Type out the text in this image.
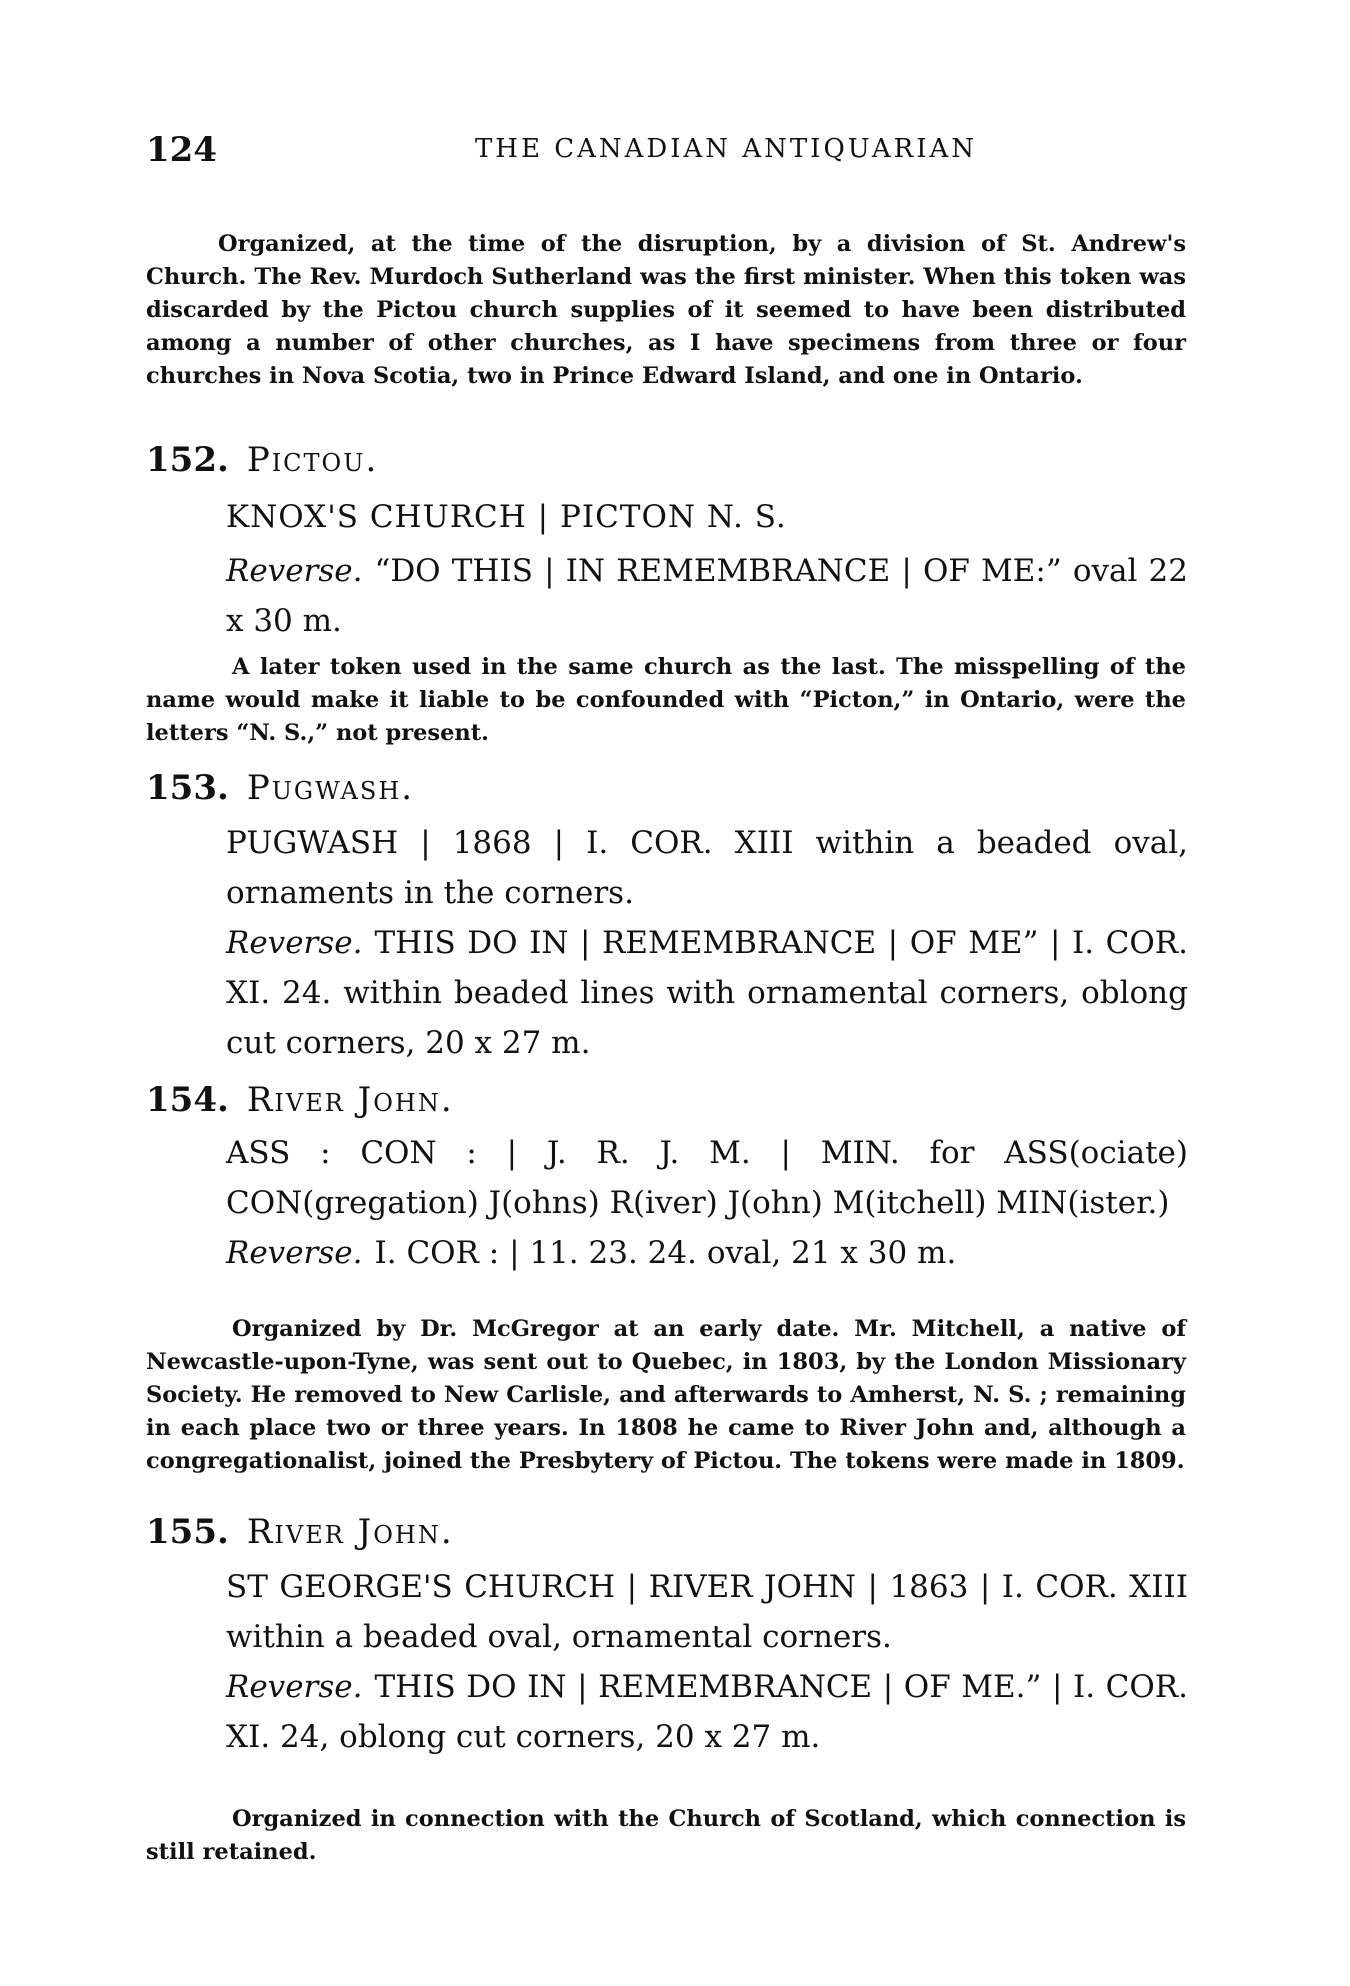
124	THE CANADIAN ANTIQUARIAN

Organized, at the time of the disruption, by a division of St. Andrew's Church. The Rev. Murdoch Sutherland was the first minister. When this token was discarded by the Pictou church supplies of it seemed to have been distributed among a number of other churches, as I have specimens from three or four churches in Nova Scotia, two in Prince Edward Island, and one in Ontario.

152. Pictou.
KNOX'S CHURCH | PICTON N. S.
Reverse. “DO THIS | IN REMEMBRANCE | OF ME:” oval 22 x 30 m.

A later token used in the same church as the last. The misspelling of the name would make it liable to be confounded with “Picton,” in Ontario, were the letters “N. S.,” not present.

153. Pugwash.
PUGWASH | 1868 | I. COR. XIII within a beaded oval, ornaments in the corners.
Reverse. THIS DO IN | REMEMBRANCE | OF ME” | I. COR. XI. 24. within beaded lines with ornamental corners, oblong cut corners, 20 x 27 m.
154. River John.
ASS : CON : | J. R. J. M. | MIN. for ASS(ociate) CON(gregation) J(ohns) R(iver) J(ohn) M(itchell) MIN(ister.)
Reverse. I. COR : | 11. 23. 24. oval, 21 x 30 m.

Organized by Dr. McGregor at an early date. Mr. Mitchell, a native of Newcastle-upon-Tyne, was sent out to Quebec, in 1803, by the London Missionary Society. He removed to New Carlisle, and afterwards to Amherst, N. S. ; remaining in each place two or three years. In 1808 he came to River John and, although a congregationalist, joined the Presbytery of Pictou. The tokens were made in 1809.

155. River John.
ST GEORGE'S CHURCH | RIVER JOHN | 1863 | I. COR. XIII within a beaded oval, ornamental corners.
Reverse. THIS DO IN | REMEMBRANCE | OF ME.” | I. COR. XI. 24, oblong cut corners, 20 x 27 m.

Organized in connection with the Church of Scotland, which connection is still retained.
